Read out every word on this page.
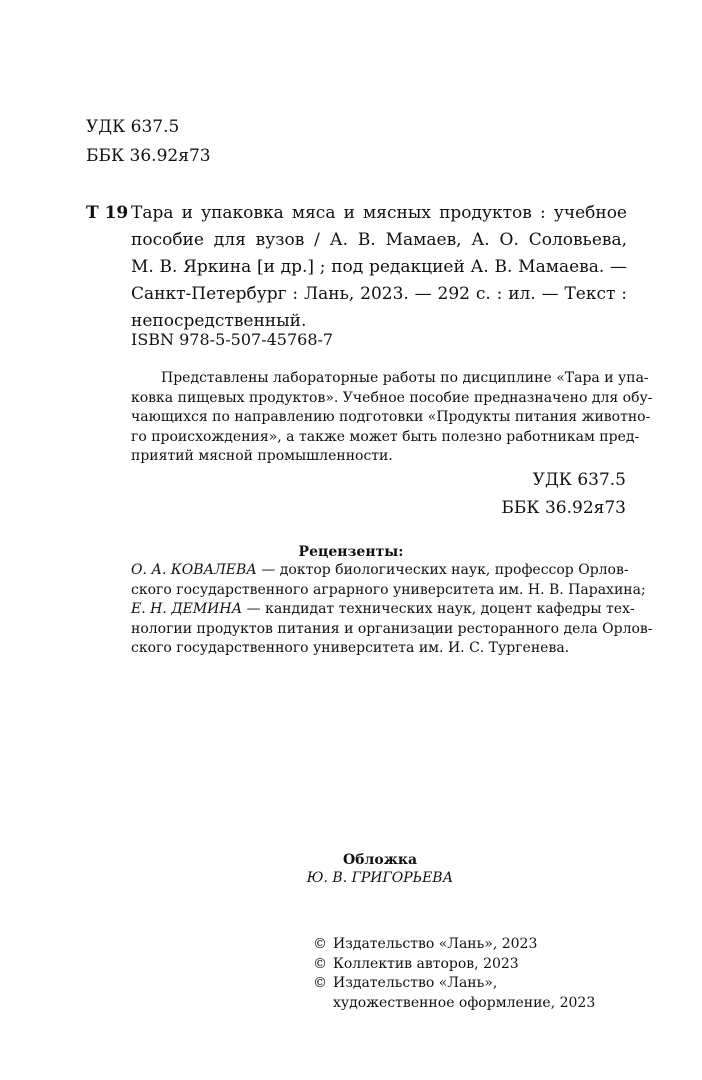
УДК 637.5
ББК 36.92я73
Т 19 Тара и упаковка мяса и мясных продуктов : учебное
пособие для вузов / А. В. Мамаев, А. О. Соловьева,
М. В. Яркина [и др.] ; под редакцией А. В. Мамаева. —
Санкт-Петербург : Лань, 2023. — 292 с. : ил. — Текст :
непосредственный.
ISBN 978-5-507-45768-7
Представлены лабораторные работы по дисциплине «Тара и упа-
ковка пищевых продуктов». Учебное пособие предназначено для обу-
чающихся по направлению подготовки «Продукты питания животно-
го происхождения», а также может быть полезно работникам пред-
приятий мясной промышленности.
УДК 637.5
ББК 36.92я73
Рецензенты:
О. А. КОВАЛЕВА — доктор биологических наук, профессор Орлов-
ского государственного аграрного университета им. Н. В. Парахина;
Е. Н. ДЕМИНА — кандидат технических наук, доцент кафедры тех-
нологии продуктов питания и организации ресторанного дела Орлов-
ского государственного университета им. И. С. Тургенева.
Обложка
Ю. В. ГРИГОРЬЕВА
© Издательство «Лань», 2023
© Коллектив авторов, 2023
© Издательство «Лань»,
художественное оформление, 2023
